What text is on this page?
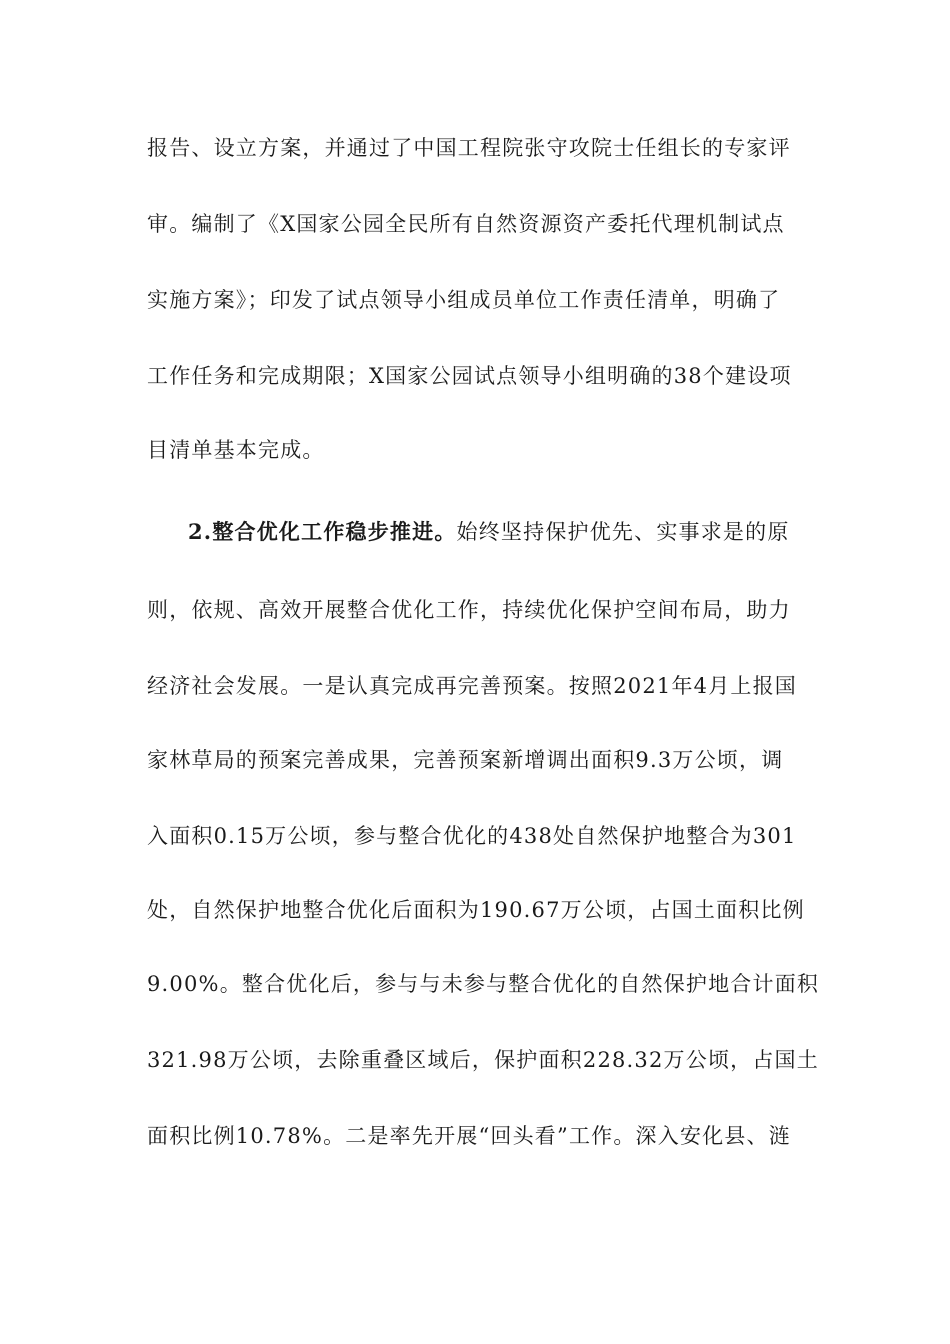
报告、设立方案，并通过了中国工程院张守攻院士任组长的专家评
审。编制了《X国家公园全民所有自然资源资产委托代理机制试点
实施方案》；印发了试点领导小组成员单位工作责任清单，明确了
工作任务和完成期限；X国家公园试点领导小组明确的38个建设项
目清单基本完成。
2.整合优化工作稳步推进。始终坚持保护优先、实事求是的原
则，依规、高效开展整合优化工作，持续优化保护空间布局，助力
经济社会发展。一是认真完成再完善预案。按照2021年4月上报国
家林草局的预案完善成果，完善预案新增调出面积9.3万公顷，调
入面积0.15万公顷，参与整合优化的438处自然保护地整合为301
处，自然保护地整合优化后面积为190.67万公顷，占国土面积比例
9.00%。整合优化后，参与与未参与整合优化的自然保护地合计面积
321.98万公顷，去除重叠区域后，保护面积228.32万公顷，占国土
面积比例10.78%。二是率先开展“回头看”工作。深入安化县、涟
